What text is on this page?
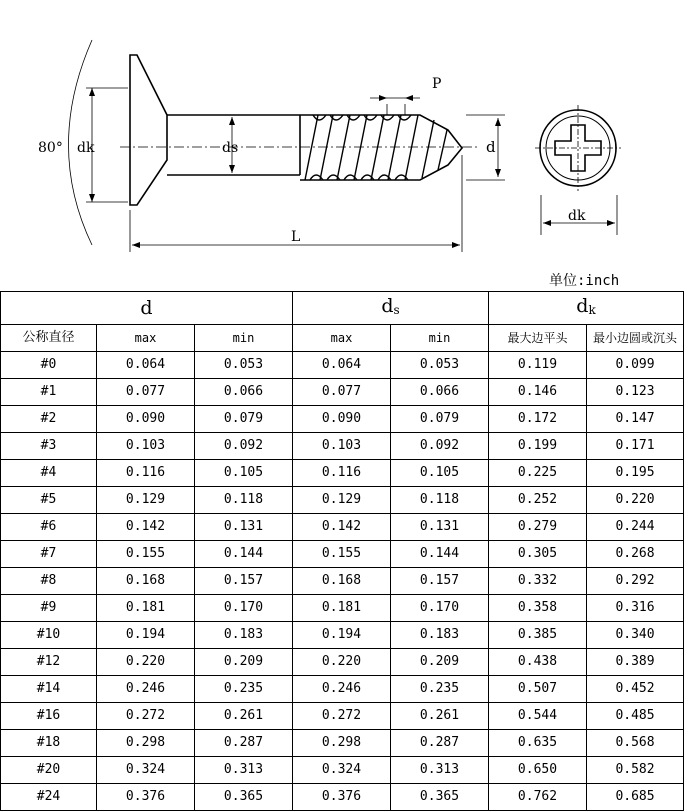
80° dk	ds
P
d
L
dk
单位:inch
d			$d_s$		$d_k$
公称直径	max	min	max	min	最大边平头	最小边圆或沉头
#0	0.064	0.053	0.064	0.053	0.119	0.099
#1	0.077	0.066	0.077	0.066	0.146	0.123
#2	0.090	0.079	0.090	0.079	0.172	0.147
#3	0.103	0.092	0.103	0.092	0.199	0.171
#4	0.116	0.105	0.116	0.105	0.225	0.195
#5	0.129	0.118	0.129	0.118	0.252	0.220
#6	0.142	0.131	0.142	0.131	0.279	0.244
#7	0.155	0.144	0.155	0.144	0.305	0.268
#8	0.168	0.157	0.168	0.157	0.332	0.292
#9	0.181	0.170	0.181	0.170	0.358	0.316
#10	0.194	0.183	0.194	0.183	0.385	0.340
#12	0.220	0.209	0.220	0.209	0.438	0.389
#14	0.246	0.235	0.246	0.235	0.507	0.452
#16	0.272	0.261	0.272	0.261	0.544	0.485
#18	0.298	0.287	0.298	0.287	0.635	0.568
#20	0.324	0.313	0.324	0.313	0.650	0.582
#24	0.376	0.365	0.376	0.365	0.762	0.685
